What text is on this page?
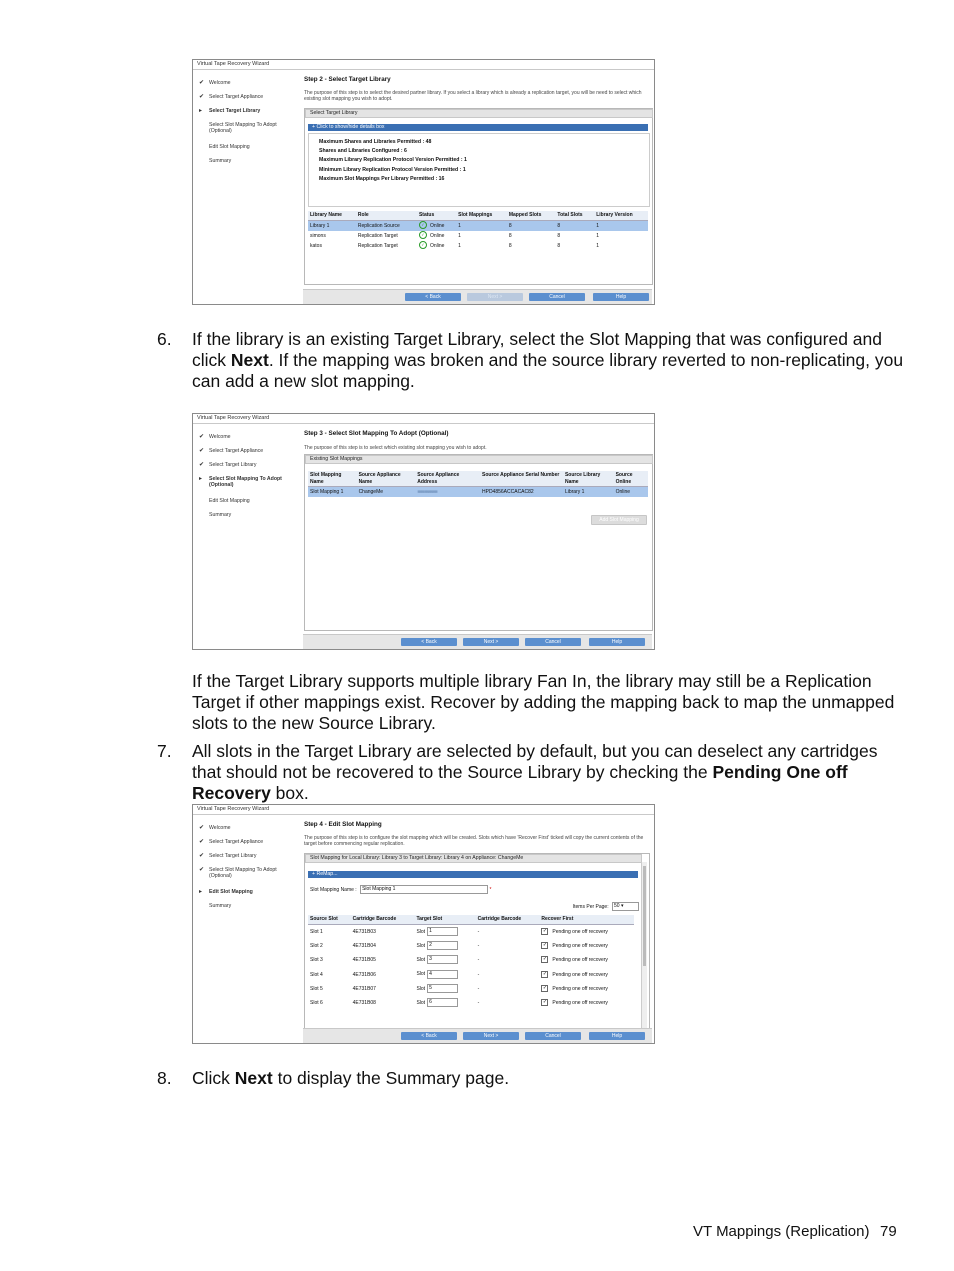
Virtual Tape Recovery Wizard
✔ Welcome
✔ Select Target Appliance
▸ Select Target Library
Select Slot Mapping To Adopt (Optional)
Edit Slot Mapping
Summary
Step 2 - Select Target Library
The purpose of this step is to select the desired partner library. If you select a library which is already a replication target, you will be need to select which existing slot mapping you wish to adopt.
Select Target Library
+ Click to show/hide details box
Maximum Shares and Libraries Permitted : 48
Shares and Libraries Configured : 6
Maximum Library Replication Protocol Version Permitted : 1
Minimum Library Replication Protocol Version Permitted : 1
Maximum Slot Mappings Per Library Permitted : 16
Library Name	Role	Status	Slot Mappings	Mapped Slots	Total Slots	Library Version
Library 1	Replication Source	✓ Online	1	8	8	1
simons	Replication Target	✓ Online	1	8	8	1
katos	Replication Target	✓ Online	1	8	8	1
< Back	Next >	Cancel	Help
6. If the library is an existing Target Library, select the Slot Mapping that was configured and click Next. If the mapping was broken and the source library reverted to non-replicating, you can add a new slot mapping.
Virtual Tape Recovery Wizard
✔ Welcome
✔ Select Target Appliance
✔ Select Target Library
▸ Select Slot Mapping To Adopt (Optional)
Edit Slot Mapping
Summary
Step 3 - Select Slot Mapping To Adopt (Optional)
The purpose of this step is to select which existing slot mapping you wish to adopt.
Existing Slot Mappings
Slot Mapping Name	Source Appliance Name	Source Appliance Address	Source Appliance Serial Number	Source Library Name	Source Online
Slot Mapping 1	ChangeMe	■■■.■■.■■.■■	HPD4856ACCACAC82	Library 1	Online
Add Slot Mapping
< Back	Next >	Cancel	Help
If the Target Library supports multiple library Fan In, the library may still be a Replication Target if other mappings exist. Recover by adding the mapping back to map the unmapped slots to the new Source Library.
7. All slots in the Target Library are selected by default, but you can deselect any cartridges that should not be recovered to the Source Library by checking the Pending One off Recovery box.
Virtual Tape Recovery Wizard
✔ Welcome
✔ Select Target Appliance
✔ Select Target Library
✔ Select Slot Mapping To Adopt (Optional)
▸ Edit Slot Mapping
Summary
Step 4 - Edit Slot Mapping
The purpose of this step is to configure the slot mapping which will be created. Slots which have 'Recover First' ticked will copy the current contents of the target before commencing regular replication.
Slot Mapping for Local Library: Library 3 to Target Library: Library 4 on Appliance: ChangeMe
+ ReMap...
Slot Mapping Name : Slot Mapping 1	*
Items Per Page: 50 ▾
Source Slot	Cartridge Barcode	Target Slot	Cartridge Barcode	Recover First
Slot 1	4E731B03	Slot 1	-	✓ Pending one off recovery
Slot 2	4E731B04	Slot 2	-	✓ Pending one off recovery
Slot 3	4E731B05	Slot 3	-	✓ Pending one off recovery
Slot 4	4E731B06	Slot 4	-	✓ Pending one off recovery
Slot 5	4E731B07	Slot 5	-	✓ Pending one off recovery
Slot 6	4E731B08	Slot 6	-	✓ Pending one off recovery
< Back	Next >	Cancel	Help
8. Click Next to display the Summary page.
VT Mappings (Replication) 79
